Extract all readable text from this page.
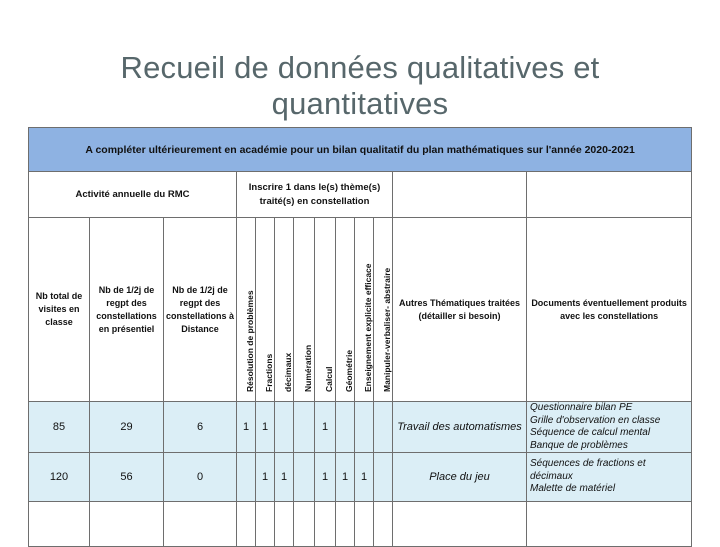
Recueil de données qualitatives et
quantitatives
A compléter ultérieurement en académie pour un bilan qualitatif du plan mathématiques sur l'année 2020-2021												
Activité annuelle du RMC			Inscrire 1 dans le(s) thème(s) traité(s) en constellation									
Nb total de visites en classe	Nb de 1/2j de regpt des constellations en présentiel	Nb de 1/2j de regpt des constellations à Distance	Résolution de problèmes	Fractions	décimaux	Numération	Calcul	Géométrie	Enseignement explicite efficace	Manipuler-verbaliser- abstraire	Autres Thématiques traitées (détailler si besoin)	Documents éventuellement produits avec les constellations
85	29	6	1	1			1				Travail des automatismes	Questionnaire bilan PE
Grille d'observation en classe
Séquence de calcul mental
Banque de problèmes

120	56	0		1	1		1	1	1		Place du jeu	Séquences de fractions et
décimaux
Malette de matériel
